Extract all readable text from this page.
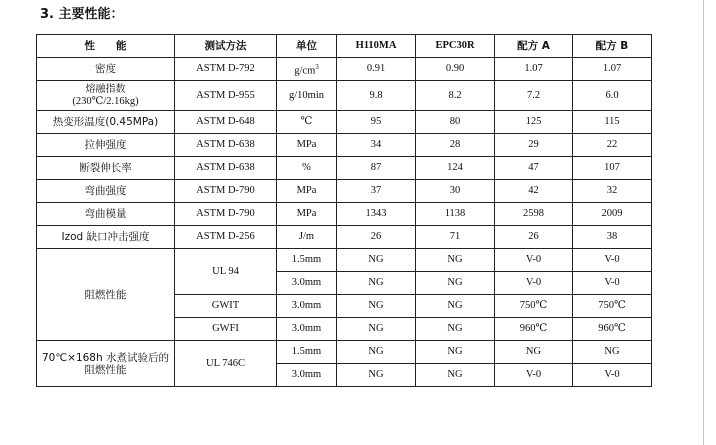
3. 主要性能：
性　　能	测试方法	单位	H110MA	EPC30R	配方 A	配方 B
密度	ASTM D-792	$g/cm^3$	0.91	0.90	1.07	1.07

熔融指数
(230℃/2.16kg)	ASTM D-955	g/10min	9.8	8.2	7.2	6.0
热变形温度(0.45MPa)	ASTM D-648	℃	95	80	125	115
拉伸强度	ASTM D-638	MPa	34	28	29	22
断裂伸长率	ASTM D-638	%	87	124	47	107
弯曲强度	ASTM D-790	MPa	37	30	42	32
弯曲模量	ASTM D-790	MPa	1343	1138	2598	2009
Izod 缺口冲击强度	ASTM D-256	J/m	26	71	26	38
阻燃性能	UL 94	1.5mm	NG	NG	V-0	V-0
		3.0mm	NG	NG	V-0	V-0
	GWIT	3.0mm	NG	NG	750℃	750℃
	GWFI	3.0mm	NG	NG	960℃	960℃

70℃×168h 水煮试验后的
阻燃性能	UL 746C	1.5mm	NG	NG	NG	NG
		3.0mm	NG	NG	V-0	V-0
